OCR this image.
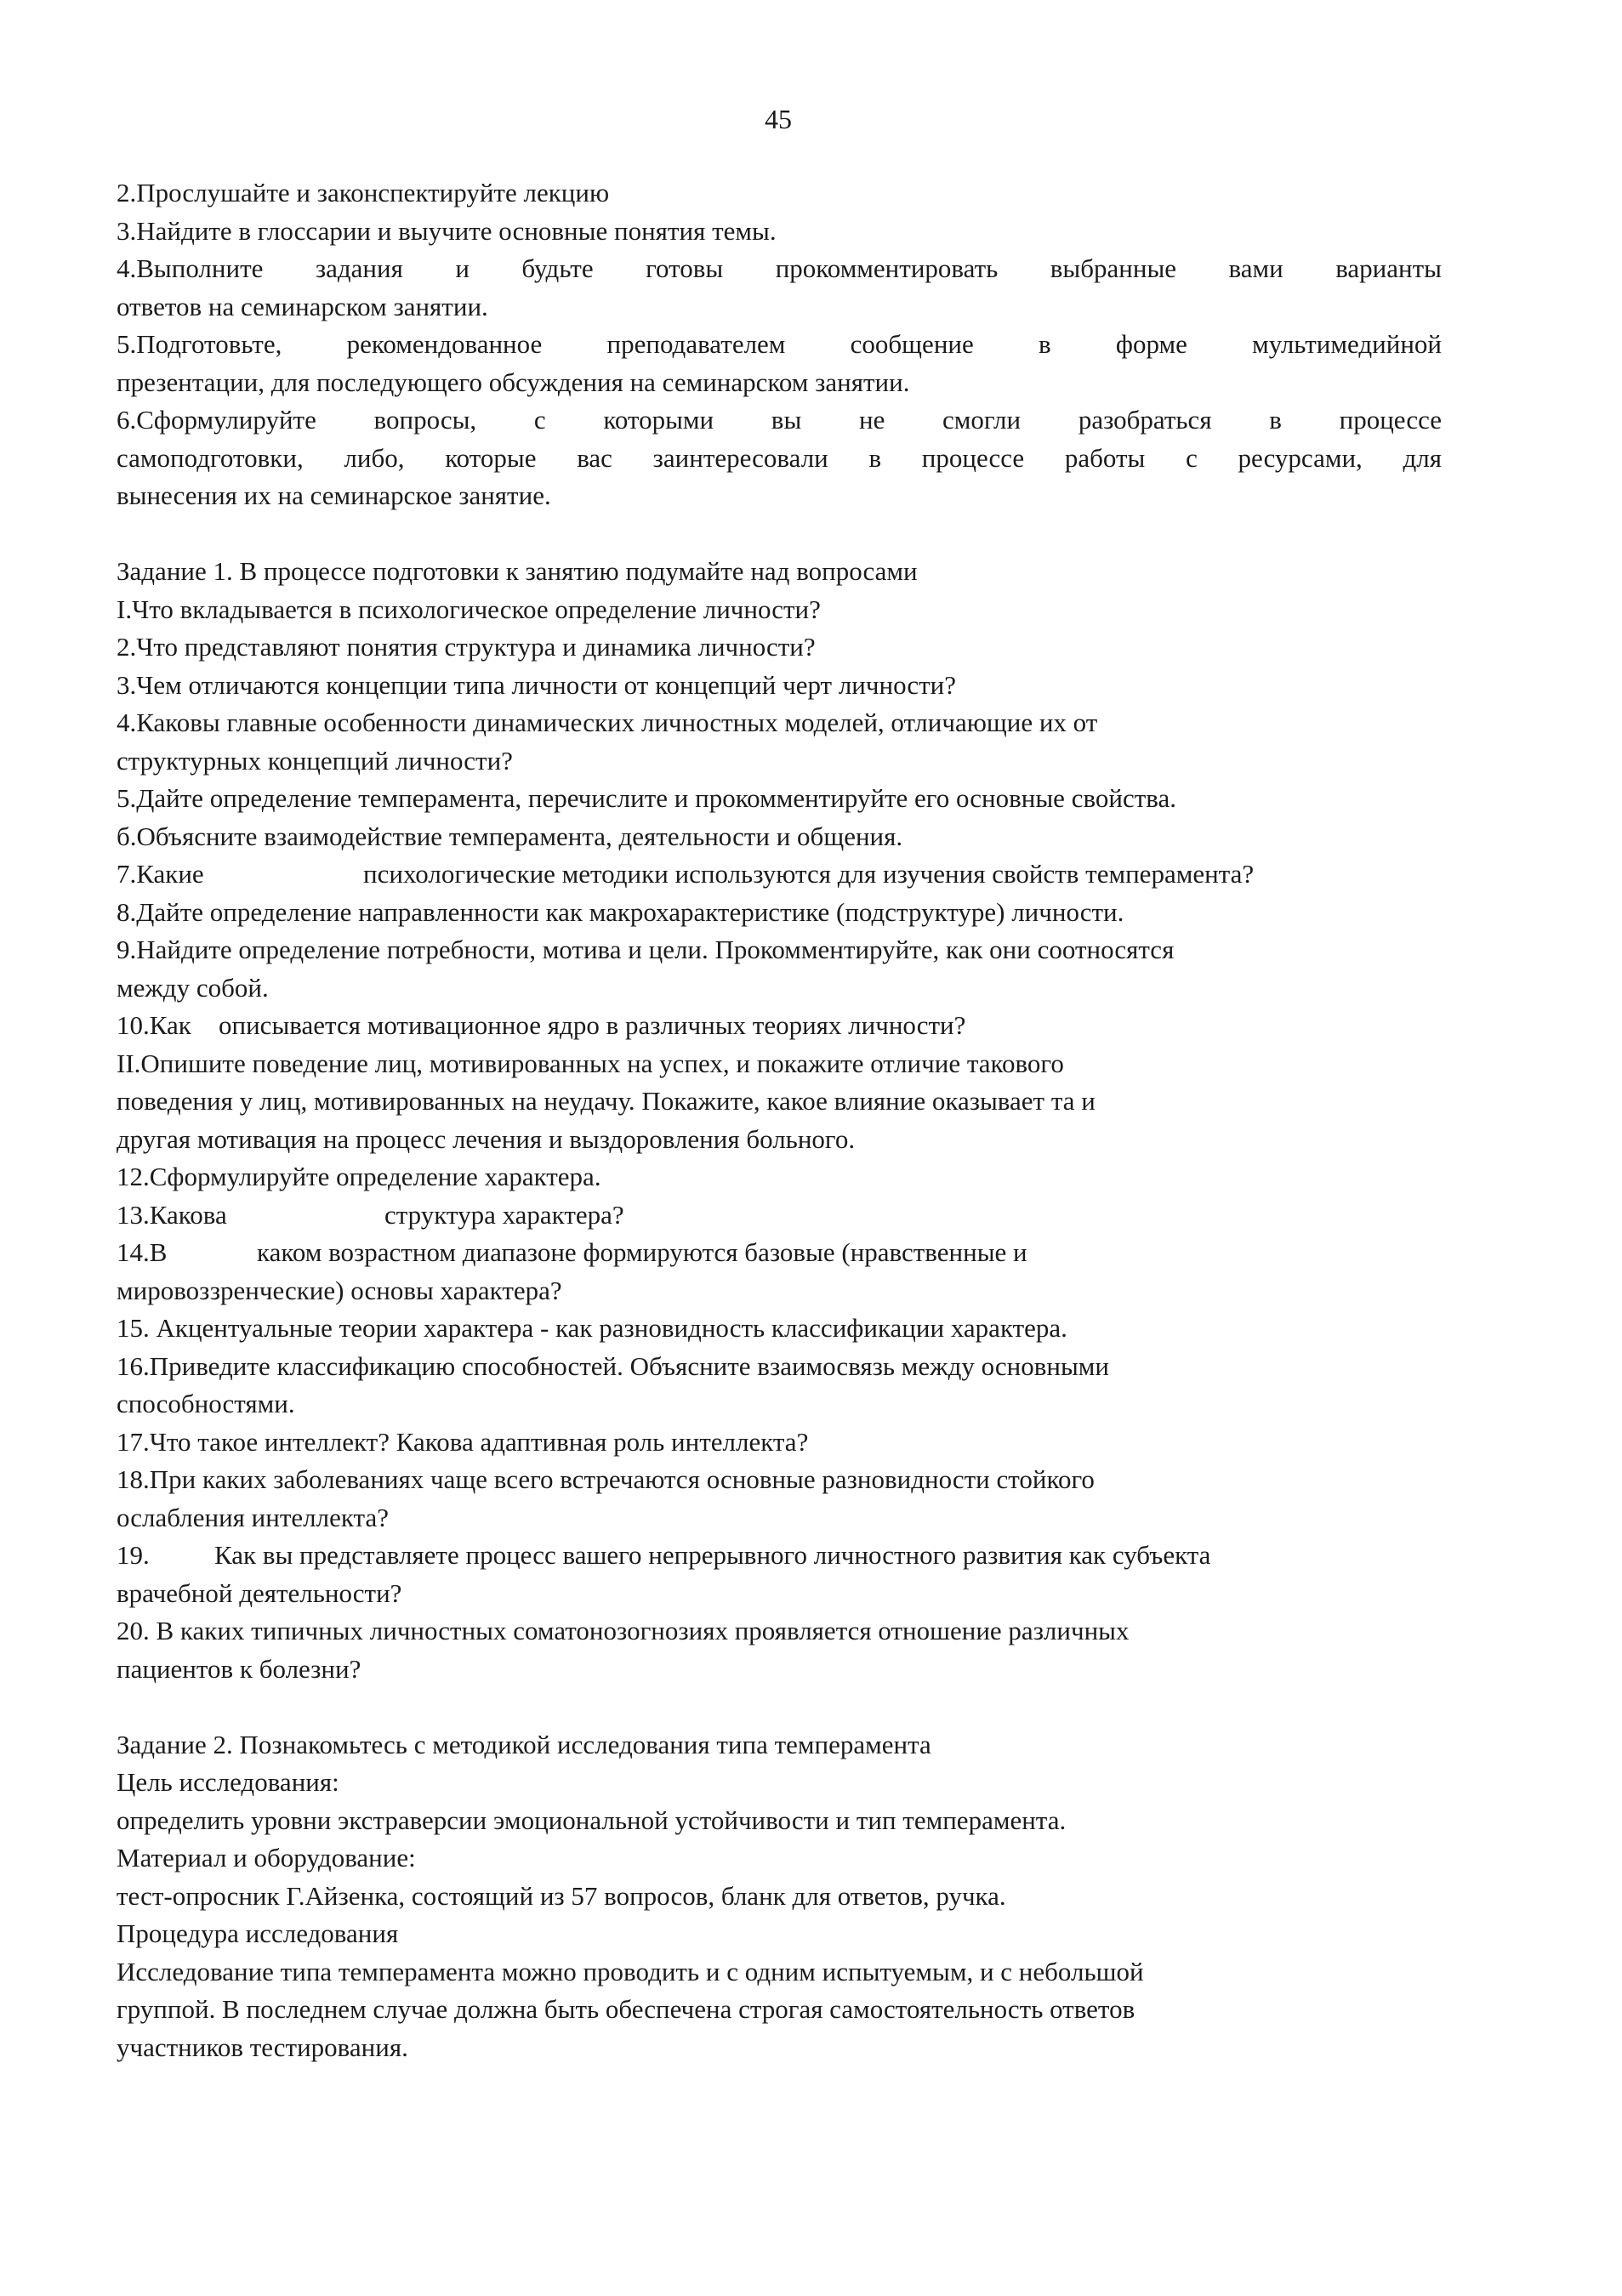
45
2.Прослушайте и законспектируйте лекцию
3.Найдите в глоссарии и выучите основные понятия темы.
4.Выполните задания и будьте готовы прокомментировать выбранные вами варианты
ответов на семинарском занятии.
5.Подготовьте, рекомендованное преподавателем сообщение в форме мультимедийной
презентации, для последующего обсуждения на семинарском занятии.
6.Сформулируйте вопросы, с которыми вы не смогли разобраться в процессе
самоподготовки, либо, которые вас заинтересовали в процессе работы с ресурсами, для
вынесения их на семинарское занятие.
Задание 1. В процессе подготовки к занятию подумайте над вопросами
I.Что вкладывается в психологическое определение личности?
2.Что представляют понятия структура и динамика личности?
3.Чем отличаются концепции типа личности от концепций черт личности?
4.Каковы главные особенности динамических личностных моделей, отличающие их от
структурных концепций личности?
5.Дайте определение темперамента, перечислите и прокомментируйте его основные свойства.
б.Объясните взаимодействие темперамента, деятельности и общения.
7.Какие	психологические методики используются для изучения свойств темперамента?
8.Дайте определение направленности как макрохарактеристике (подструктуре) личности.
9.Найдите определение потребности, мотива и цели. Прокомментируйте, как они соотносятся
между собой.
10.Как описывается мотивационное ядро в различных теориях личности?
II.Опишите поведение лиц, мотивированных на успех, и покажите отличие такового
поведения у лиц, мотивированных на неудачу. Покажите, какое влияние оказывает та и
другая мотивация на процесс лечения и выздоровления больного.
12.Сформулируйте определение характера.
13.Какова	структура характера?
14.В	каком возрастном диапазоне формируются базовые (нравственные и
мировоззренческие) основы характера?
15. Акцентуальные теории характера - как разновидность классификации характера.
16.Приведите классификацию способностей. Объясните взаимосвязь между основными
способностями.
17.Что такое интеллект? Какова адаптивная роль интеллекта?
18.При каких заболеваниях чаще всего встречаются основные разновидности стойкого
ослабления интеллекта?
19. Как вы представляете процесс вашего непрерывного личностного развития как субъекта
врачебной деятельности?
20. В каких типичных личностных соматонозогнозиях проявляется отношение различных
пациентов к болезни?
Задание 2. Познакомьтесь с методикой исследования типа темперамента
Цель исследования:
определить уровни экстраверсии эмоциональной устойчивости и тип темперамента.
Материал и оборудование:
тест-опросник Г.Айзенка, состоящий из 57 вопросов, бланк для ответов, ручка.
Процедура исследования
Исследование типа темперамента можно проводить и с одним испытуемым, и с небольшой
группой. В последнем случае должна быть обеспечена строгая самостоятельность ответов
участников тестирования.
